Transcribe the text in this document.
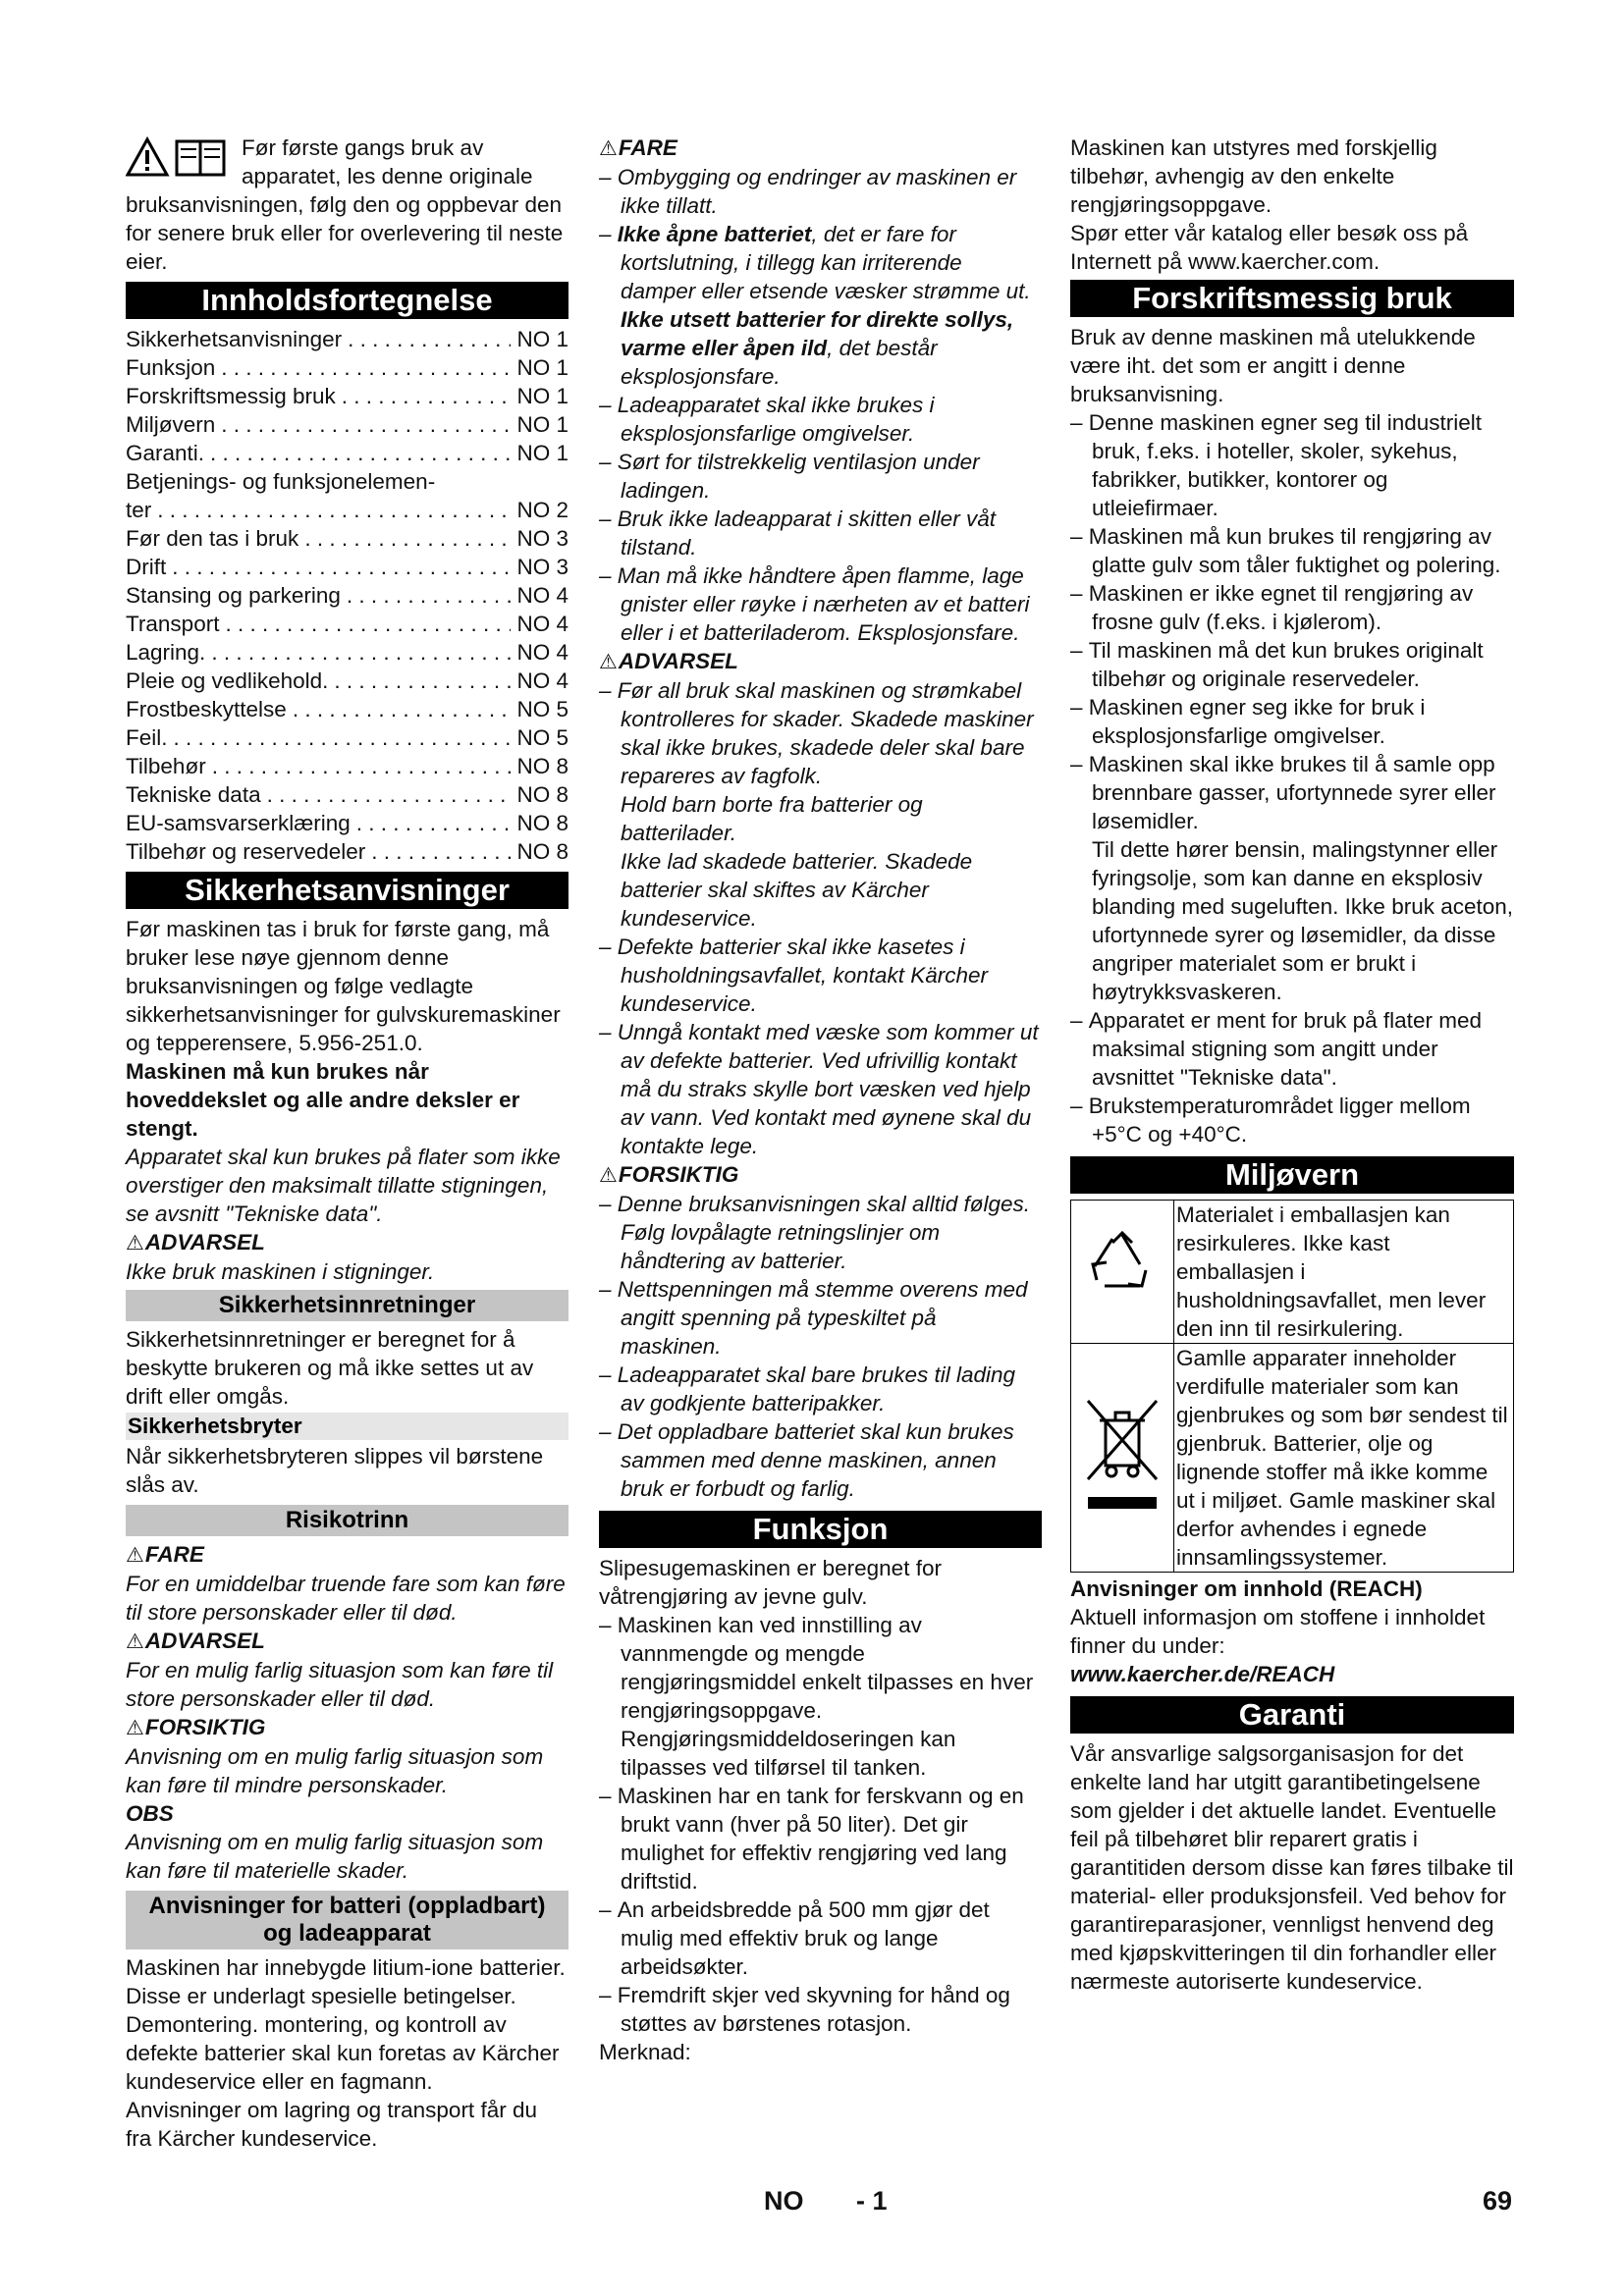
Før første gangs bruk av apparatet, les denne originale bruksanvisningen, følg den og oppbevar den for senere bruk eller for overlevering til neste eier.

Innholdsfortegnelse
Sikkerhetsanvisninger . . .	NO 1
Funksjon . . .	NO 1
Forskriftsmessig bruk . . .	NO 1
Miljøvern . . .	NO 1
Garanti. . . .	NO 1
Betjenings- og funksjonelemen-
ter . . .	NO 2
Før den tas i bruk . . .	NO 3
Drift . . .	NO 3
Stansing og parkering . . .	NO 4
Transport . . .	NO 4
Lagring. . . .	NO 4
Pleie og vedlikehold. . . .	NO 4
Frostbeskyttelse . . .	NO 5
Feil. . . .	NO 5
Tilbehør . . .	NO 8
Tekniske data . . .	NO 8
EU-samsvarserklæring . . .	NO 8
Tilbehør og reservedeler . . .	NO 8
Sikkerhetsanvisninger

Før maskinen tas i bruk for første gang, må bruker lese nøye gjennom denne bruksanvisningen og følge vedlagte sikkerhetsanvisninger for gulvskuremaskiner og tepperensere, 5.956-251.0.

Maskinen må kun brukes når hoveddekslet og alle andre deksler er stengt.

Apparatet skal kun brukes på flater som ikke overstiger den maksimalt tillatte stigningen, se avsnitt "Tekniske data".

⚠ ADVARSEL

Ikke bruk maskinen i stigninger.

Sikkerhetsinnretninger

Sikkerhetsinnretninger er beregnet for å beskytte brukeren og må ikke settes ut av drift eller omgås.

Sikkerhetsbryter

Når sikkerhetsbryteren slippes vil børstene slås av.

Risikotrinn

⚠ FARE

For en umiddelbar truende fare som kan føre til store personskader eller til død.

⚠ ADVARSEL

For en mulig farlig situasjon som kan føre til store personskader eller til død.

⚠ FORSIKTIG

Anvisning om en mulig farlig situasjon som kan føre til mindre personskader.

OBS

Anvisning om en mulig farlig situasjon som kan føre til materielle skader.

Anvisninger for batteri (oppladbart)
og ladeapparat

Maskinen har innebygde litium-ione batterier. Disse er underlagt spesielle betingelser. Demontering. montering, og kontroll av defekte batterier skal kun foretas av Kärcher kundeservice eller en fagmann.

Anvisninger om lagring og transport får du fra Kärcher kundeservice.

⚠ FARE

– Ombygging og endringer av maskinen er ikke tillatt.
– Ikke åpne batteriet, det er fare for kortslutning, i tillegg kan irriterende damper eller etsende væsker strømme ut.
Ikke utsett batterier for direkte sollys, varme eller åpen ild, det består eksplosjonsfare.
– Ladeapparatet skal ikke brukes i eksplosjonsfarlige omgivelser.
– Sørt for tilstrekkelig ventilasjon under ladingen.
– Bruk ikke ladeapparat i skitten eller våt tilstand.
– Man må ikke håndtere åpen flamme, lage gnister eller røyke i nærheten av et batteri eller i et batteriladerom. Eksplosjonsfare.

⚠ ADVARSEL

– Før all bruk skal maskinen og strømkabel kontrolleres for skader. Skadede maskiner skal ikke brukes, skadede deler skal bare repareres av fagfolk.
Hold barn borte fra batterier og batterilader.
Ikke lad skadede batterier. Skadede batterier skal skiftes av Kärcher kundeservice.
– Defekte batterier skal ikke kasetes i husholdningsavfallet, kontakt Kärcher kundeservice.
– Unngå kontakt med væske som kommer ut av defekte batterier. Ved ufrivillig kontakt må du straks skylle bort væsken ved hjelp av vann. Ved kontakt med øynene skal du kontakte lege.

⚠ FORSIKTIG

– Denne bruksanvisningen skal alltid følges. Følg lovpålagte retningslinjer om håndtering av batterier.
– Nettspenningen må stemme overens med angitt spenning på typeskiltet på maskinen.
– Ladeapparatet skal bare brukes til lading av godkjente batteripakker.
– Det oppladbare batteriet skal kun brukes sammen med denne maskinen, annen bruk er forbudt og farlig.
Funksjon

Slipesugemaskinen er beregnet for våtrengjøring av jevne gulv.

– Maskinen kan ved innstilling av vannmengde og mengde rengjøringsmiddel enkelt tilpasses en hver rengjøringsoppgave.
Rengjøringsmiddeldoseringen kan tilpasses ved tilførsel til tanken.
– Maskinen har en tank for ferskvann og en brukt vann (hver på 50 liter). Det gir mulighet for effektiv rengjøring ved lang driftstid.
– An arbeidsbredde på 500 mm gjør det mulig med effektiv bruk og lange arbeidsøkter.
– Fremdrift skjer ved skyvning for hånd og støttes av børstenes rotasjon.

Merknad:

Maskinen kan utstyres med forskjellig tilbehør, avhengig av den enkelte rengjøringsoppgave.

Spør etter vår katalog eller besøk oss på Internett på www.kaercher.com.

Forskriftsmessig bruk

Bruk av denne maskinen må utelukkende være iht. det som er angitt i denne bruksanvisning.

– Denne maskinen egner seg til industrielt bruk, f.eks. i hoteller, skoler, sykehus, fabrikker, butikker, kontorer og utleiefirmaer.
– Maskinen må kun brukes til rengjøring av glatte gulv som tåler fuktighet og polering.
– Maskinen er ikke egnet til rengjøring av frosne gulv (f.eks. i kjølerom).
– Til maskinen må det kun brukes originalt tilbehør og originale reservedeler.
– Maskinen egner seg ikke for bruk i eksplosjonsfarlige omgivelser.
– Maskinen skal ikke brukes til å samle opp brennbare gasser, ufortynnede syrer eller løsemidler.
Til dette hører bensin, malingstynner eller fyringsolje, som kan danne en eksplosiv blanding med sugeluften. Ikke bruk aceton, ufortynnede syrer og løsemidler, da disse angriper materialet som er brukt i høytrykksvaskeren.
– Apparatet er ment for bruk på flater med maksimal stigning som angitt under avsnittet "Tekniske data".
– Brukstemperaturområdet ligger mellom +5°C og +40°C.
Miljøvern
	Materialet i emballasjen kan resirkuleres. Ikke kast emballasjen i husholdningsavfallet, men lever den inn til resirkulering.
	Gamlle apparater inneholder verdifulle materialer som kan gjenbrukes og som bør sendest til gjenbruk. Batterier, olje og lignende stoffer må ikke komme ut i miljøet. Gamle maskiner skal derfor avhendes i egnede innsamlingssystemer.

Anvisninger om innhold (REACH)

Aktuell informasjon om stoffene i innholdet finner du under:

www.kaercher.de/REACH

Garanti

Vår ansvarlige salgsorganisasjon for det enkelte land har utgitt garantibetingelsene som gjelder i det aktuelle landet. Eventuelle feil på tilbehøret blir reparert gratis i garantitiden dersom disse kan føres tilbake til material- eller produksjonsfeil. Ved behov for garantireparasjoner, vennligst henvend deg med kjøpskvitteringen til din forhandler eller nærmeste autoriserte kundeservice.

NO - 1	69
